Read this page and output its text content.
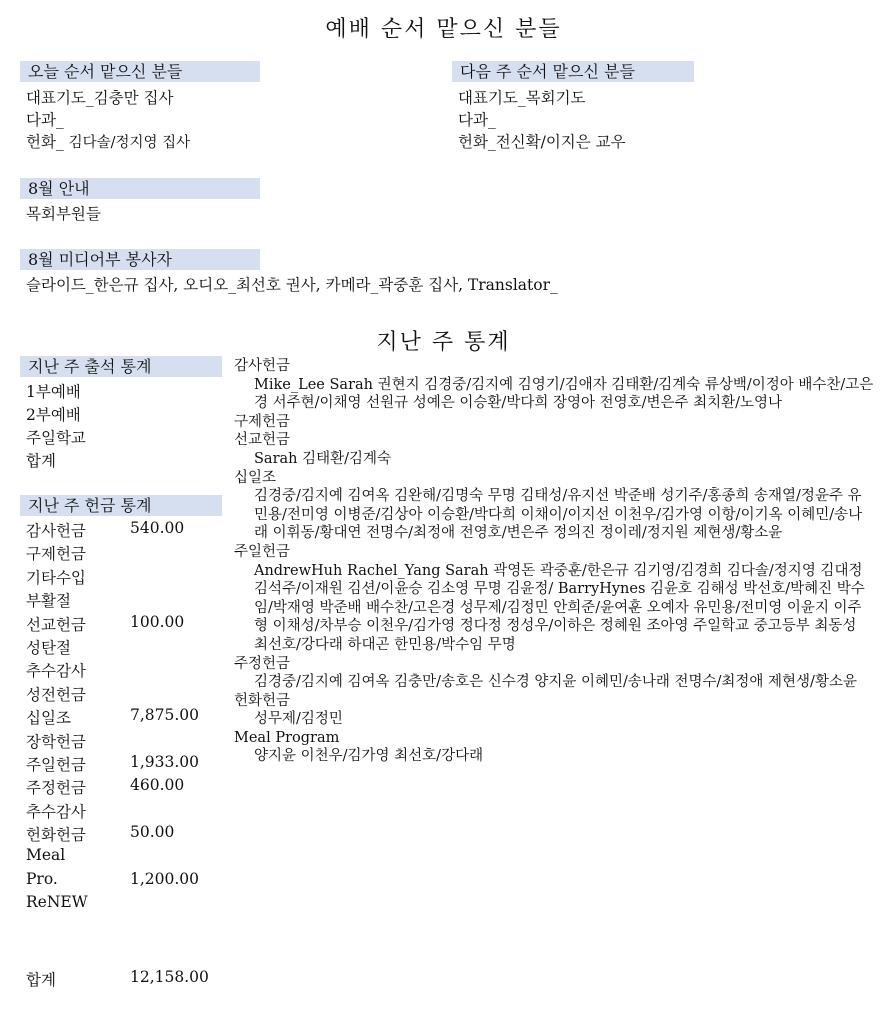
예배 순서 맡으신 분들
오늘 순서 맡으신 분들
대표기도_김충만 집사
다과_
헌화_ 김다솔/정지영 집사
다음 주 순서 맡으신 분들
대표기도_목회기도
다과_
헌화_전신확/이지은 교우
8월 안내
목회부원들
8월 미디어부 봉사자
슬라이드_한은규 집사, 오디오_최선호 권사, 카메라_곽중훈 집사, Translator_
지난 주 통계
지난 주 출석 통계
1부예배
2부예배
주일학교
합계
지난 주 헌금 통계
감사헌금	540.00
구제헌금
기타수입
부활절
선교헌금	100.00
성탄절
추수감사
성전헌금
십일조	7,875.00
장학헌금
주일헌금	1,933.00
주정헌금	460.00
추수감사
헌화헌금	50.00
Meal
Pro.	1,200.00
ReNEW
합계	12,158.00
감사헌금
Mike_Lee Sarah 권현지 김경중/김지예 김영기/김애자 김태환/김계숙 류상백/이정아 배수찬/고은경 서주현/이채영 선원규 성예은 이승환/박다희 장영아 전영호/변은주 최치환/노영나
구제헌금
선교헌금
Sarah 김태환/김계숙
십일조
김경중/김지예 김여옥 김완해/김명숙 무명 김태성/유지선 박준배 성기주/홍종희 송재열/정윤주 유민용/전미영 이병준/김상아 이승환/박다희 이채이/이지선 이천우/김가영 이항/이기옥 이혜민/송나래 이휘동/황대연 전명수/최정애 전영호/변은주 정의진 정이레/정지원 제현생/황소윤
주일헌금
AndrewHuh Rachel_Yang Sarah 곽영돈 곽중훈/한은규 김기영/김경희 김다솔/정지영 김대정 김석주/이재원 김션/이윤승 김소영 무명 김윤정/ BarryHynes 김윤호 김해성 박선호/박혜진 박수임/박재영 박준배 배수찬/고은경 성무제/김정민 안희준/윤여훈 오예자 유민용/전미영 이윤지 이주형 이채성/차부승 이천우/김가영 정다정 정성우/이하은 정혜원 조아영 주일학교 중고등부 최동성 최선호/강다래 하대곤 한민용/박수임 무명
주정헌금
김경중/김지예 김여옥 김충만/송호은 신수경 양지윤 이혜민/송나래 전명수/최정애 제현생/황소윤
헌화헌금
성무제/김정민
Meal Program
양지윤 이천우/김가영 최선호/강다래
